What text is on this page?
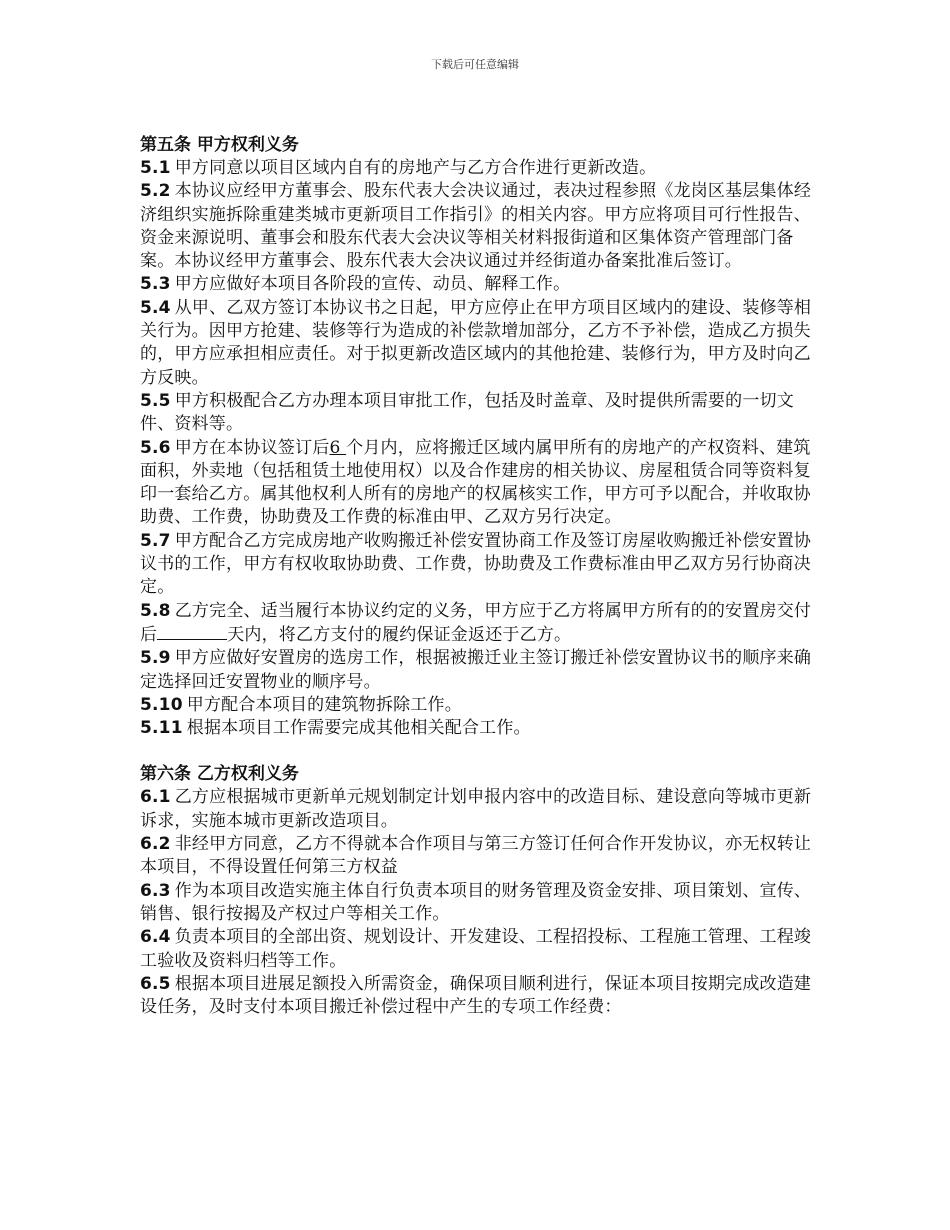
下载后可任意编辑

第五条 甲方权利义务

5.1 甲方同意以项目区域内自有的房地产与乙方合作进行更新改造。

5.2 本协议应经甲方董事会、股东代表大会决议通过，表决过程参照《龙岗区基层集体经济组织实施拆除重建类城市更新项目工作指引》的相关内容。甲方应将项目可行性报告、资金来源说明、董事会和股东代表大会决议等相关材料报街道和区集体资产管理部门备案。本协议经甲方董事会、股东代表大会决议通过并经街道办备案批准后签订。

5.3 甲方应做好本项目各阶段的宣传、动员、解释工作。

5.4 从甲、乙双方签订本协议书之日起，甲方应停止在甲方项目区域内的建设、装修等相关行为。因甲方抢建、装修等行为造成的补偿款增加部分，乙方不予补偿，造成乙方损失的，甲方应承担相应责任。对于拟更新改造区域内的其他抢建、装修行为，甲方及时向乙方反映。

5.5 甲方积极配合乙方办理本项目审批工作，包括及时盖章、及时提供所需要的一切文件、资料等。

5.6 甲方在本协议签订后6 个月内，应将搬迁区域内属甲所有的房地产的产权资料、建筑面积，外卖地（包括租赁土地使用权）以及合作建房的相关协议、房屋租赁合同等资料复印一套给乙方。属其他权利人所有的房地产的权属核实工作，甲方可予以配合，并收取协助费、工作费，协助费及工作费的标准由甲、乙双方另行决定。

5.7 甲方配合乙方完成房地产收购搬迁补偿安置协商工作及签订房屋收购搬迁补偿安置协议书的工作，甲方有权收取协助费、工作费，协助费及工作费标准由甲乙双方另行协商决定。

5.8 乙方完全、适当履行本协议约定的义务，甲方应于乙方将属甲方所有的的安置房交付后	天内，将乙方支付的履约保证金返还于乙方。

5.9 甲方应做好安置房的选房工作，根据被搬迁业主签订搬迁补偿安置协议书的顺序来确定选择回迁安置物业的顺序号。

5.10 甲方配合本项目的建筑物拆除工作。

5.11 根据本项目工作需要完成其他相关配合工作。

第六条 乙方权利义务

6.1 乙方应根据城市更新单元规划制定计划申报内容中的改造目标、建设意向等城市更新诉求，实施本城市更新改造项目。

6.2 非经甲方同意，乙方不得就本合作项目与第三方签订任何合作开发协议，亦无权转让本项目，不得设置任何第三方权益

6.3 作为本项目改造实施主体自行负责本项目的财务管理及资金安排、项目策划、宣传、销售、银行按揭及产权过户等相关工作。

6.4 负责本项目的全部出资、规划设计、开发建设、工程招投标、工程施工管理、工程竣工验收及资料归档等工作。

6.5 根据本项目进展足额投入所需资金，确保项目顺利进行，保证本项目按期完成改造建设任务，及时支付本项目搬迁补偿过程中产生的专项工作经费：
